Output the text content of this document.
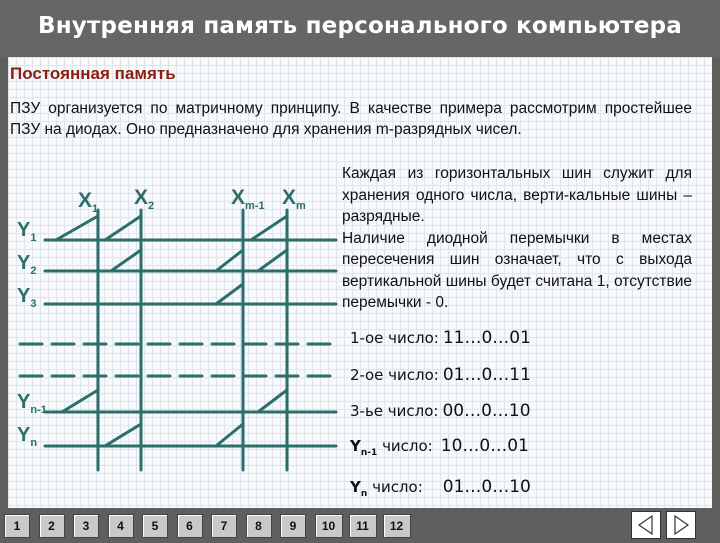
Внутренняя память персонального компьютера
Постоянная память
ПЗУ организуется по матричному принципу. В качестве примера рассмотрим простейшее ПЗУ на диодах. Оно предназначено для хранения m-разрядных чисел.

Каждая из горизонтальных шин служит для хранения одного числа, верти-кальные шины – разрядные.

Наличие диодной перемычки в местах пересечения шин означает, что с выхода вертикальной шины будет считана 1, отсутствие перемычки - 0.

$X_1$ $X_2$	$X_{m-1}$ $X_m$
$Y_1$
$Y_2$
$Y_3$
$Y_{n-1}$
$Y_n$
1-ое число: 11…0…01
2-ое число: 01…0…11
3-ье число: 00…0…10
$Y_{n-1}$ число: 10…0…01
$Y_n$ число: 01…0…10
1	2	3	4	5	6	7	8	9	10	11	12
